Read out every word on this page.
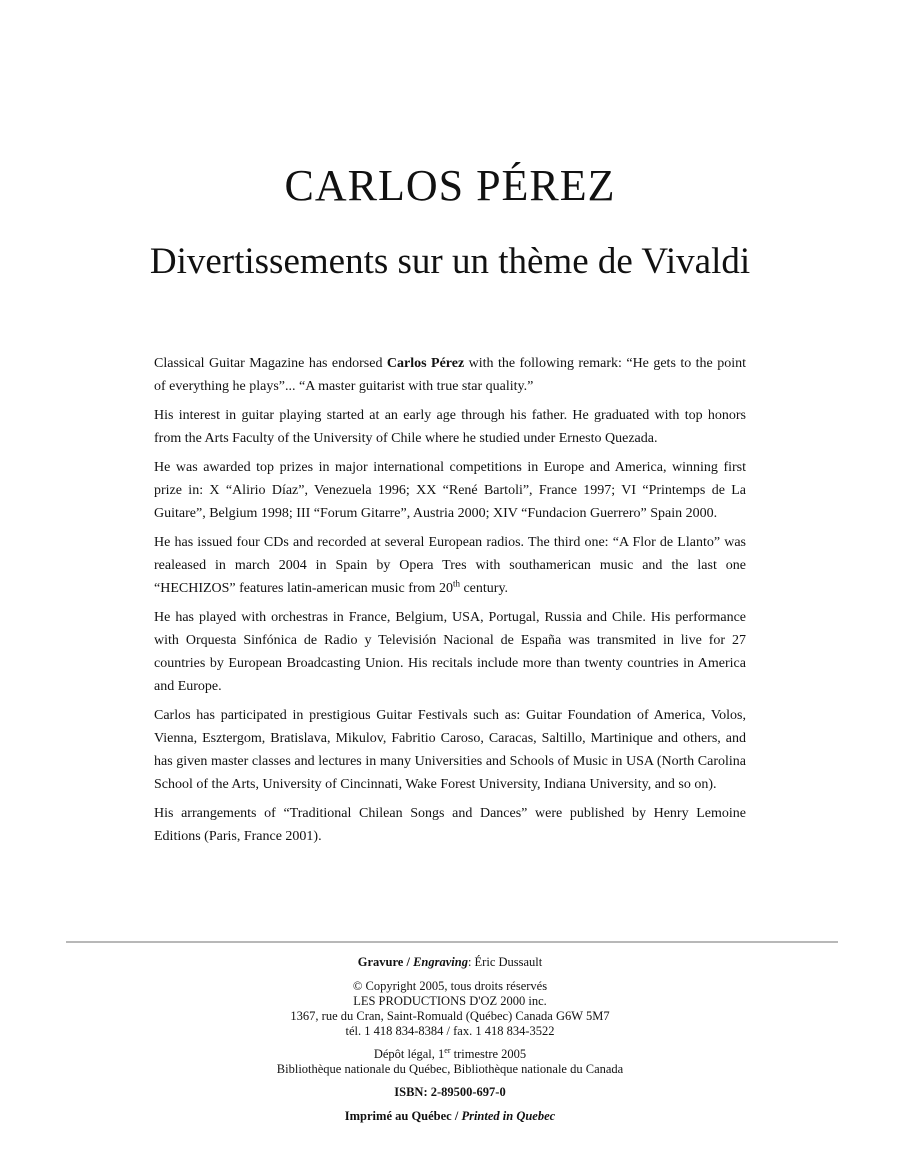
CARLOS PÉREZ
Divertissements sur un thème de Vivaldi

Classical Guitar Magazine has endorsed Carlos Pérez with the following remark: “He gets to the point of everything he plays”... “A master guitarist with true star quality.”

His interest in guitar playing started at an early age through his father. He graduated with top honors from the Arts Faculty of the University of Chile where he studied under Ernesto Quezada.

He was awarded top prizes in major international competitions in Europe and America, winning first prize in: X “Alirio Díaz”, Venezuela 1996; XX “René Bartoli”, France 1997; VI “Printemps de La Guitare”, Belgium 1998; III “Forum Gitarre”, Austria 2000; XIV “Fundacion Guerrero” Spain 2000.

He has issued four CDs and recorded at several European radios. The third one: “A Flor de Llanto” was realeased in march 2004 in Spain by Opera Tres with southamerican music and the last one “HECHIZOS” features latin-american music from 20th century.

He has played with orchestras in France, Belgium, USA, Portugal, Russia and Chile. His performance with Orquesta Sinfónica de Radio y Televisión Nacional de España was transmited in live for 27 countries by European Broadcasting Union. His recitals include more than twenty countries in America and Europe.

Carlos has participated in prestigious Guitar Festivals such as: Guitar Foundation of America, Volos, Vienna, Esztergom, Bratislava, Mikulov, Fabritio Caroso, Caracas, Saltillo, Martinique and others, and has given master classes and lectures in many Universities and Schools of Music in USA (North Carolina School of the Arts, University of Cincinnati, Wake Forest University, Indiana University, and so on).

His arrangements of “Traditional Chilean Songs and Dances” were published by Henry Lemoine Editions (Paris, France 2001).

Gravure / Engraving: Éric Dussault
© Copyright 2005, tous droits réservés
LES PRODUCTIONS D'OZ 2000 inc.
1367, rue du Cran, Saint-Romuald (Québec) Canada G6W 5M7
tél. 1 418 834-8384 / fax. 1 418 834-3522
Dépôt légal, 1er trimestre 2005
Bibliothèque nationale du Québec, Bibliothèque nationale du Canada
ISBN: 2-89500-697-0
Imprimé au Québec / Printed in Quebec
